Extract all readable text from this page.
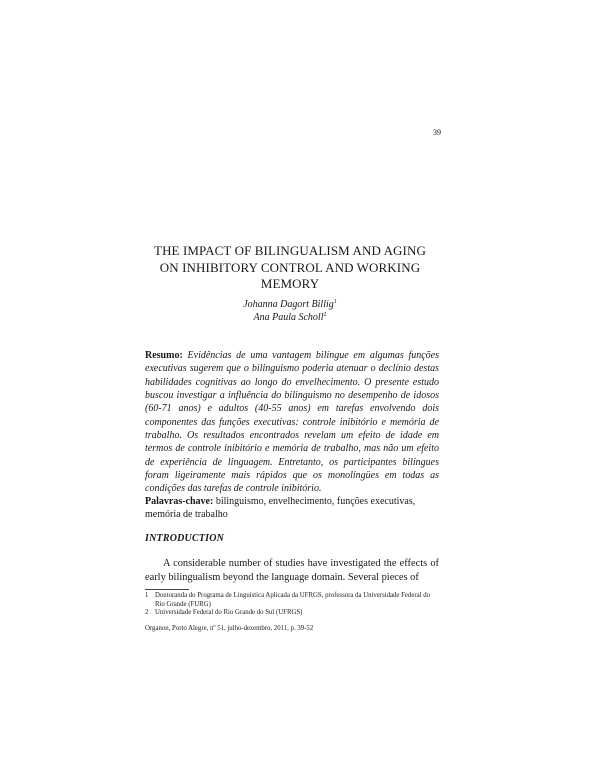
39
THE IMPACT OF BILINGUALISM AND AGING
ON INHIBITORY CONTROL AND WORKING
MEMORY
Johanna Dagort Billig$^1$
Ana Paula Scholl$^2$
Resumo: Evidências de uma vantagem bilíngue em algumas funções executivas sugerem que o bilinguismo poderia atenuar o declínio destas habilidades cognitivas ao longo do envelhecimento. O presente estudo buscou investigar a influência do bilinguismo no desempenho de idosos (60-71 anos) e adultos (40-55 anos) em tarefas envolvendo dois componentes das funções executivas: controle inibitório e memória de trabalho. Os resultados encontrados revelam um efeito de idade em termos de controle inibitório e memória de trabalho, mas não um efeito de experiência de linguagem. Entretanto, os participantes bilíngues foram ligeiramente mais rápidos que os monolíngües em todas as condições das tarefas de controle inibitório.
Palavras-chave: bilinguismo, envelhecimento, funções executivas, memória de trabalho
INTRODUCTION
A considerable number of studies have investigated the effects of early bilingualism beyond the language domain. Several pieces of
1 Doutoranda do Programa de Linguística Aplicada da UFRGS, professora da Universidade Federal do Rio Grande (FURG)
2 Universidade Federal do Rio Grande do Sul (UFRGS)
Organon, Porto Alegre, nº 51, julho-dezembro, 2011, p. 39-52
